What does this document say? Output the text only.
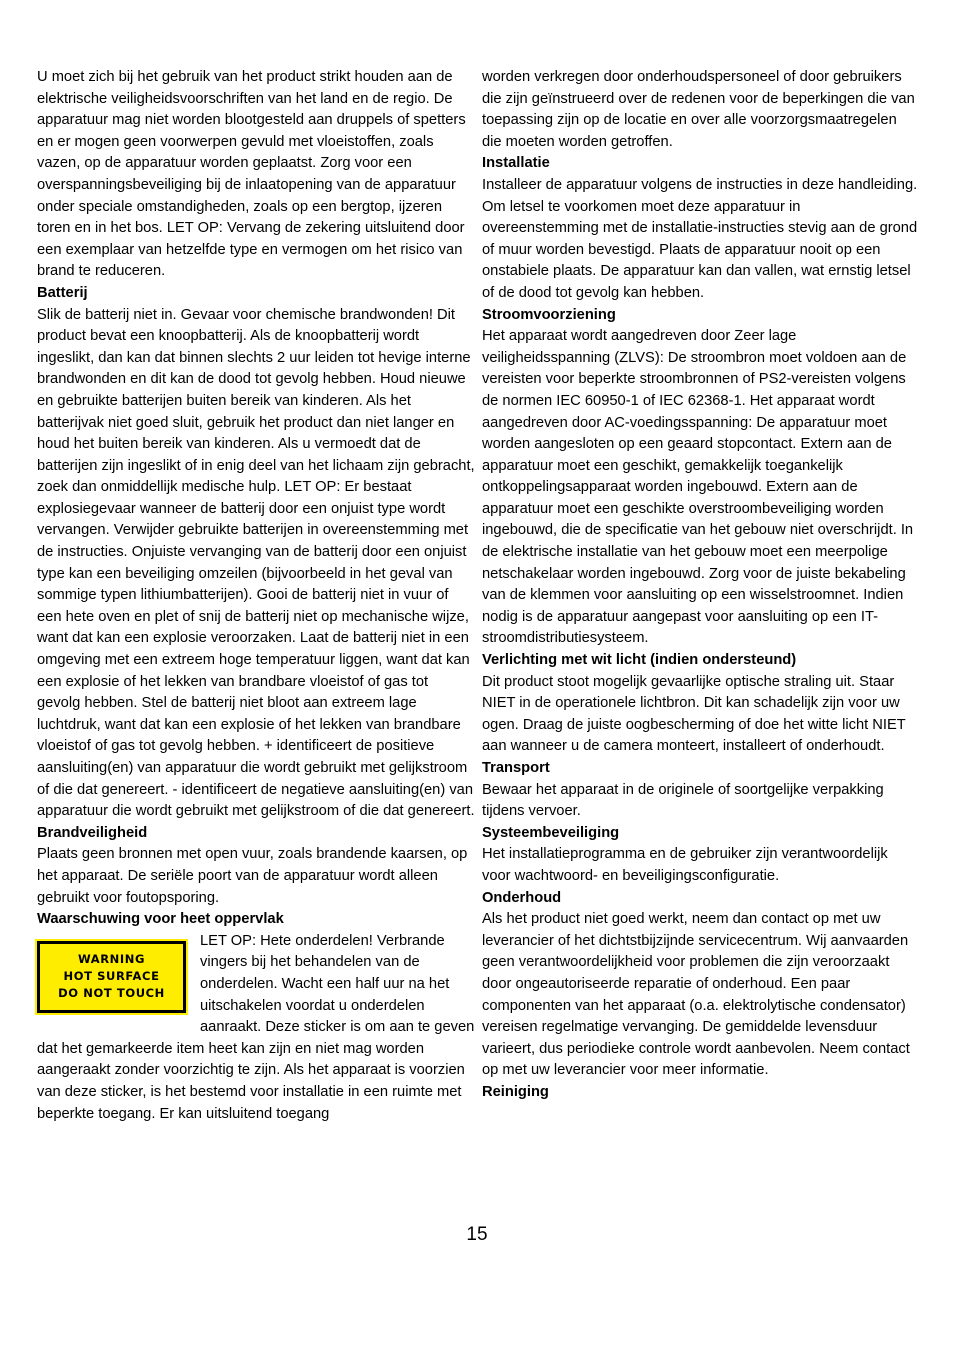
U moet zich bij het gebruik van het product strikt houden aan de elektrische veiligheidsvoorschriften van het land en de regio. De apparatuur mag niet worden blootgesteld aan druppels of spetters en er mogen geen voorwerpen gevuld met vloeistoffen, zoals vazen, op de apparatuur worden geplaatst. Zorg voor een overspanningsbeveiliging bij de inlaatopening van de apparatuur onder speciale omstandigheden, zoals op een bergtop, ijzeren toren en in het bos. LET OP: Vervang de zekering uitsluitend door een exemplaar van hetzelfde type en vermogen om het risico van brand te reduceren.

Batterij

Slik de batterij niet in. Gevaar voor chemische brandwonden! Dit product bevat een knoopbatterij. Als de knoopbatterij wordt ingeslikt, dan kan dat binnen slechts 2 uur leiden tot hevige interne brandwonden en dit kan de dood tot gevolg hebben. Houd nieuwe en gebruikte batterijen buiten bereik van kinderen. Als het batterijvak niet goed sluit, gebruik het product dan niet langer en houd het buiten bereik van kinderen. Als u vermoedt dat de batterijen zijn ingeslikt of in enig deel van het lichaam zijn gebracht, zoek dan onmiddellijk medische hulp. LET OP: Er bestaat explosiegevaar wanneer de batterij door een onjuist type wordt vervangen. Verwijder gebruikte batterijen in overeenstemming met de instructies. Onjuiste vervanging van de batterij door een onjuist type kan een beveiliging omzeilen (bijvoorbeeld in het geval van sommige typen lithiumbatterijen). Gooi de batterij niet in vuur of een hete oven en plet of snij de batterij niet op mechanische wijze, want dat kan een explosie veroorzaken. Laat de batterij niet in een omgeving met een extreem hoge temperatuur liggen, want dat kan een explosie of het lekken van brandbare vloeistof of gas tot gevolg hebben. Stel de batterij niet bloot aan extreem lage luchtdruk, want dat kan een explosie of het lekken van brandbare vloeistof of gas tot gevolg hebben. + identificeert de positieve aansluiting(en) van apparatuur die wordt gebruikt met gelijkstroom of die dat genereert. - identificeert de negatieve aansluiting(en) van apparatuur die wordt gebruikt met gelijkstroom of die dat genereert.

Brandveiligheid

Plaats geen bronnen met open vuur, zoals brandende kaarsen, op het apparaat. De seriële poort van de apparatuur wordt alleen gebruikt voor foutopsporing.

Waarschuwing voor heet oppervlak
WARNING
HOT SURFACE
DO NOT TOUCH

LET OP: Hete onderdelen! Verbrande vingers bij het behandelen van de onderdelen. Wacht een half uur na het uitschakelen voordat u onderdelen aanraakt. Deze sticker is om aan te geven dat het gemarkeerde item heet kan zijn en niet mag worden aangeraakt zonder voorzichtig te zijn. Als het apparaat is voorzien van deze sticker, is het bestemd voor installatie in een ruimte met beperkte toegang. Er kan uitsluitend toegang

worden verkregen door onderhoudspersoneel of door gebruikers die zijn geïnstrueerd over de redenen voor de beperkingen die van toepassing zijn op de locatie en over alle voorzorgsmaatregelen die moeten worden getroffen.

Installatie

Installeer de apparatuur volgens de instructies in deze handleiding. Om letsel te voorkomen moet deze apparatuur in overeenstemming met de installatie-instructies stevig aan de grond of muur worden bevestigd. Plaats de apparatuur nooit op een onstabiele plaats. De apparatuur kan dan vallen, wat ernstig letsel of de dood tot gevolg kan hebben.

Stroomvoorziening

Het apparaat wordt aangedreven door Zeer lage veiligheidsspanning (ZLVS): De stroombron moet voldoen aan de vereisten voor beperkte stroombronnen of PS2-vereisten volgens de normen IEC 60950-1 of IEC 62368-1. Het apparaat wordt aangedreven door AC-voedingsspanning: De apparatuur moet worden aangesloten op een geaard stopcontact. Extern aan de apparatuur moet een geschikt, gemakkelijk toegankelijk ontkoppelingsapparaat worden ingebouwd. Extern aan de apparatuur moet een geschikte overstroombeveiliging worden ingebouwd, die de specificatie van het gebouw niet overschrijdt. In de elektrische installatie van het gebouw moet een meerpolige netschakelaar worden ingebouwd. Zorg voor de juiste bekabeling van de klemmen voor aansluiting op een wisselstroomnet. Indien nodig is de apparatuur aangepast voor aansluiting op een IT-stroomdistributiesysteem.

Verlichting met wit licht (indien ondersteund)

Dit product stoot mogelijk gevaarlijke optische straling uit. Staar NIET in de operationele lichtbron. Dit kan schadelijk zijn voor uw ogen. Draag de juiste oogbescherming of doe het witte licht NIET aan wanneer u de camera monteert, installeert of onderhoudt.

Transport

Bewaar het apparaat in de originele of soortgelijke verpakking tijdens vervoer.

Systeembeveiliging

Het installatieprogramma en de gebruiker zijn verantwoordelijk voor wachtwoord- en beveiligingsconfiguratie.

Onderhoud

Als het product niet goed werkt, neem dan contact op met uw leverancier of het dichtstbijzijnde servicecentrum. Wij aanvaarden geen verantwoordelijkheid voor problemen die zijn veroorzaakt door ongeautoriseerde reparatie of onderhoud. Een paar componenten van het apparaat (o.a. elektrolytische condensator) vereisen regelmatige vervanging. De gemiddelde levensduur varieert, dus periodieke controle wordt aanbevolen. Neem contact op met uw leverancier voor meer informatie.

Reiniging
15
